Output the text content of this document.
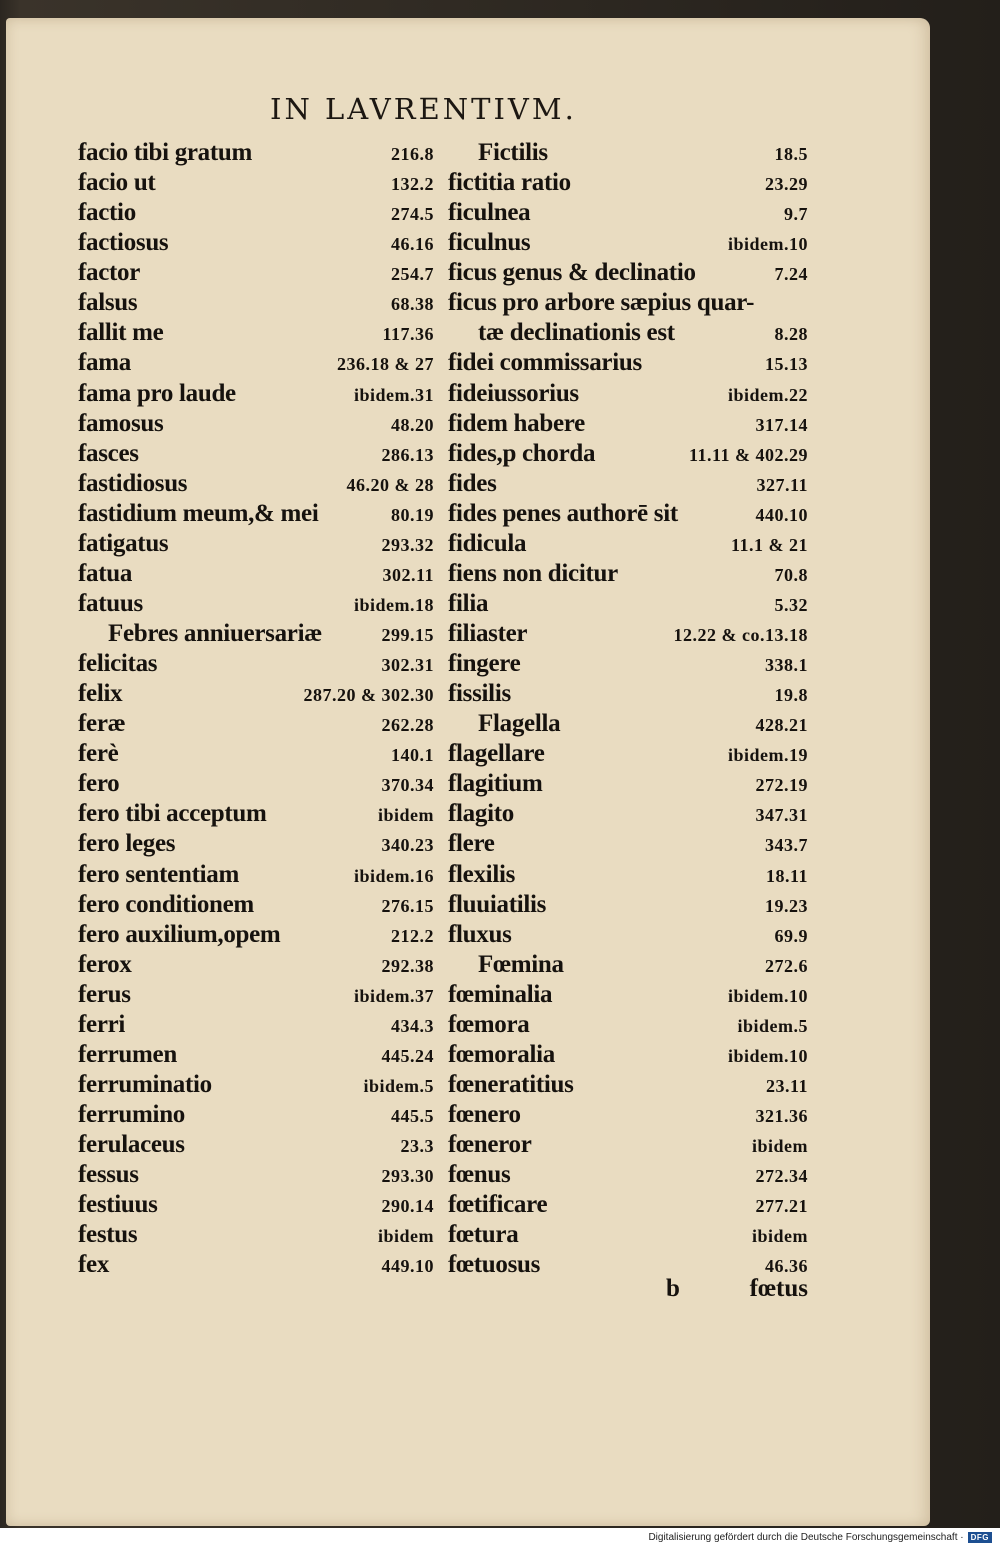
IN LAVRENTIVM.
facio tibi gratum	216.8	Fictilis	18.5
facio ut	132.2 fictitia ratio	23.29
factio	274.5 ficulnea	9.7
factiosus	46.16 ficulnus	ibidem.10
factor	254.7 ficus genus & declinatio	7.24
falsus	68.38 ficus pro arbore sæpius quar-
fallit me	117.36	tæ declinationis est	8.28
fama	236.18 & 27 fidei commissarius	15.13
fama pro laude	ibidem.31 fideiussorius	ibidem.22
famosus	48.20 fidem habere	317.14
fasces	286.13 fides,p chorda	11.11 & 402.29
fastidiosus	46.20 & 28 fides	327.11
fastidium meum,& mei	80.19 fides penes authorē sit	440.10
fatigatus	293.32 fidicula	11.1 & 21
fatua	302.11 fiens non dicitur	70.8
fatuus	ibidem.18 filia	5.32
Febres anniuersariæ	299.15 filiaster	12.22 & co.13.18
felicitas	302.31 fingere	338.1
felix	287.20 & 302.30 fissilis	19.8
feræ	262.28	Flagella	428.21
ferè	140.1 flagellare	ibidem.19
fero	370.34 flagitium	272.19
fero tibi acceptum	ibidem flagito	347.31
fero leges	340.23 flere	343.7
fero sententiam	ibidem.16 flexilis	18.11
fero conditionem	276.15 fluuiatilis	19.23
fero auxilium,opem	212.2 fluxus	69.9
ferox	292.38	Fœmina	272.6
ferus	ibidem.37 fœminalia	ibidem.10
ferri	434.3 fœmora	ibidem.5
ferrumen	445.24 fœmoralia	ibidem.10
ferruminatio	ibidem.5 fœneratitius	23.11
ferrumino	445.5 fœnero	321.36
ferulaceus	23.3 fœneror	ibidem
fessus	293.30 fœnus	272.34
festiuus	290.14 fœtificare	277.21
festus	ibidem fœtura	ibidem
fex	449.10 fœtuosus	46.36
b	fœtus
Digitalisierung gefördert durch die Deutsche Forschungsgemeinschaft · DFG
